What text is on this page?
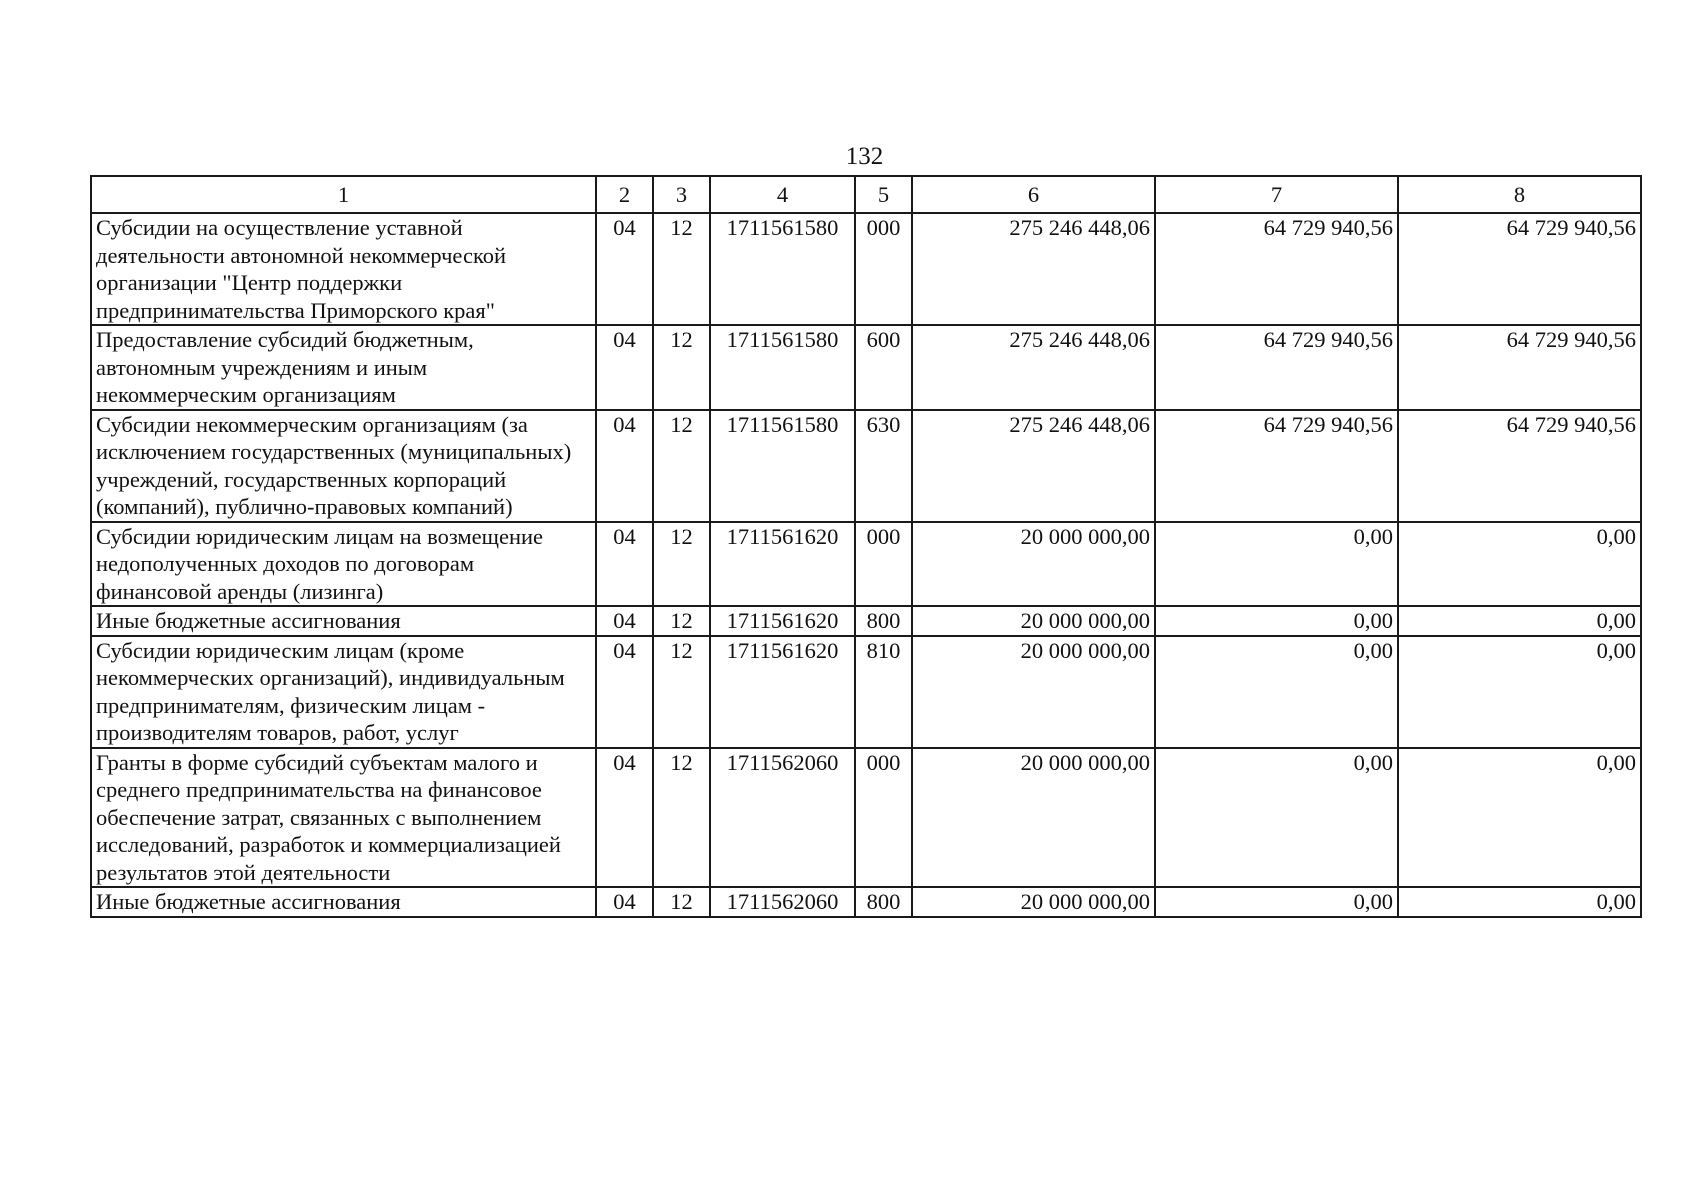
132
1	2	3	4	5	6	7	8
Субсидии на осуществление уставной деятельности автономной некоммерческой организации "Центр поддержки предпринимательства Приморского края"	04	12	1711561580	000	275 246 448,06	64 729 940,56	64 729 940,56
Предоставление субсидий бюджетным, автономным учреждениям и иным некоммерческим организациям	04	12	1711561580	600	275 246 448,06	64 729 940,56	64 729 940,56
Субсидии некоммерческим организациям (за исключением государственных (муниципальных) учреждений, государственных корпораций (компаний), публично-правовых компаний)	04	12	1711561580	630	275 246 448,06	64 729 940,56	64 729 940,56
Субсидии юридическим лицам на возмещение недополученных доходов по договорам финансовой аренды (лизинга)	04	12	1711561620	000	20 000 000,00	0,00	0,00
Иные бюджетные ассигнования	04	12	1711561620	800	20 000 000,00	0,00	0,00
Субсидии юридическим лицам (кроме некоммерческих организаций), индивидуальным предпринимателям, физическим лицам - производителям товаров, работ, услуг	04	12	1711561620	810	20 000 000,00	0,00	0,00
Гранты в форме субсидий субъектам малого и среднего предпринимательства на финансовое обеспечение затрат, связанных с выполнением исследований, разработок и коммерциализацией результатов этой деятельности	04	12	1711562060	000	20 000 000,00	0,00	0,00
Иные бюджетные ассигнования	04	12	1711562060	800	20 000 000,00	0,00	0,00
